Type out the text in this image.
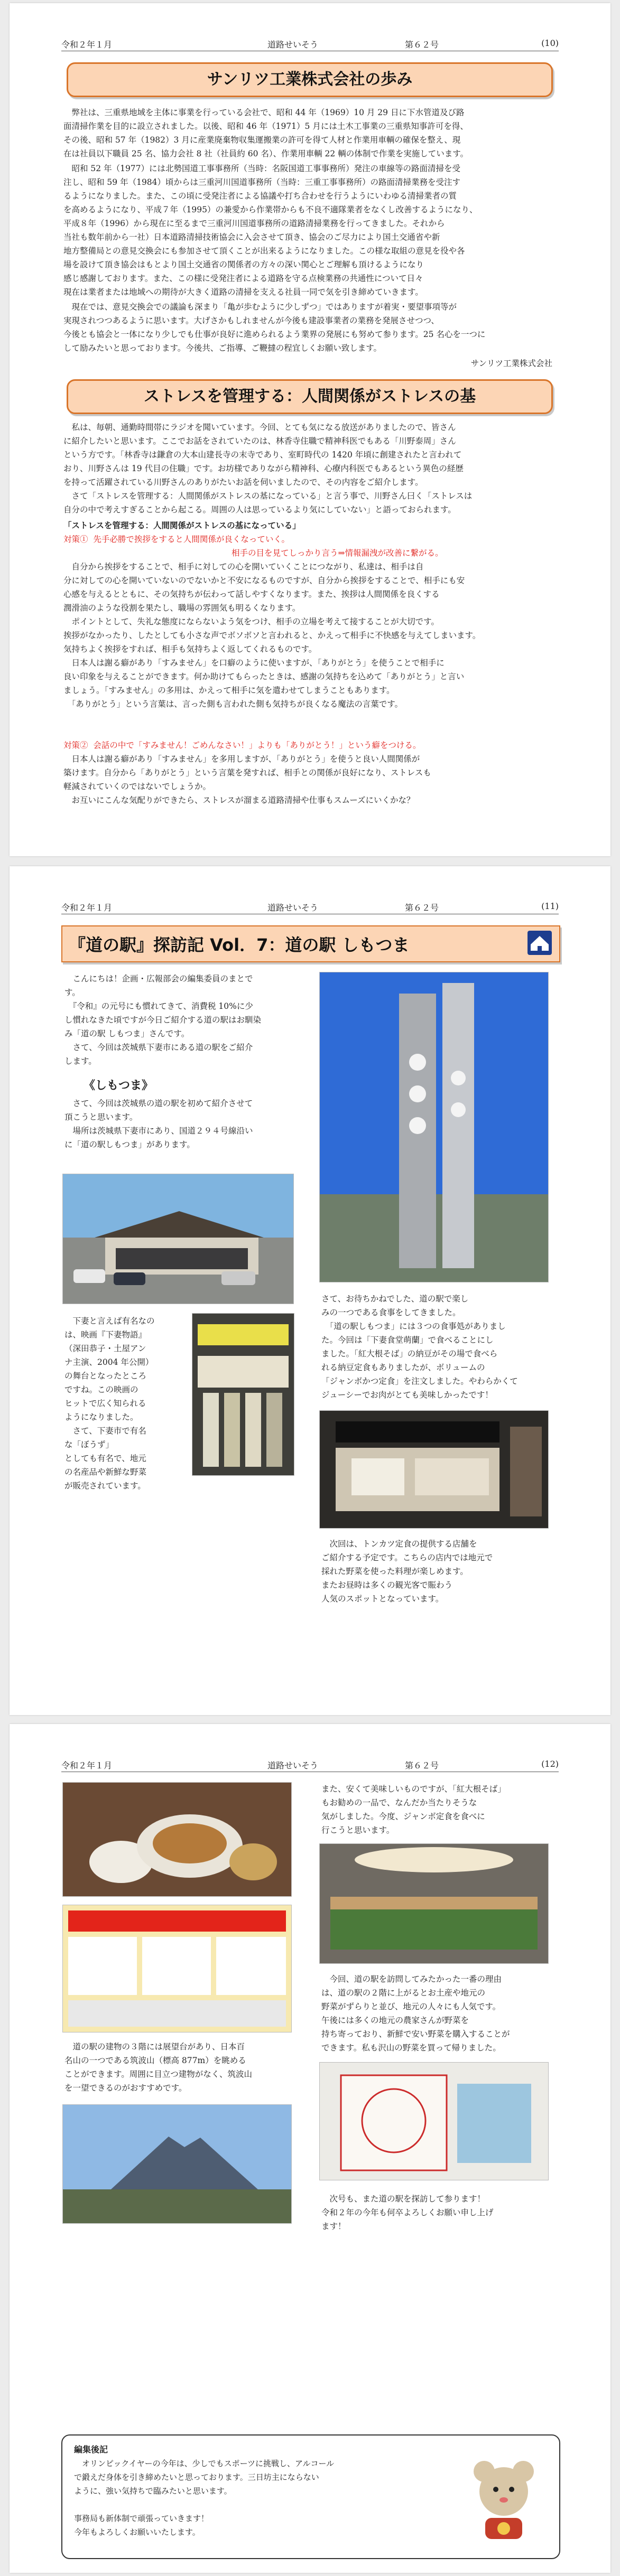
令和２年１月	道路せいそう	第６２号	(10)
サンリツ工業株式会社の歩み

　弊社は、三重県地域を主体に事業を行っている会社で、昭和 44 年（1969）10 月 29 日に下水管道及び路
面清掃作業を目的に設立されました。以後、昭和 46 年（1971）5 月には土木工事業の三重県知事許可を得、
その後、昭和 57 年（1982）3 月に産業廃棄物収集運搬業の許可を得て人材と作業用車輌の確保を整え、現
在は社員以下職員 25 名、協力会社 8 社（社員約 60 名）、作業用車輌 22 輌の体制で作業を実施しています。

　昭和 52 年（1977）には北勢国道工事事務所（当時：名阪国道工事事務所）発注の車線等の路面清掃を受
注し、昭和 59 年（1984）頃からは三重河川国道事務所（当時：三重工事事務所）の路面清掃業務を受注す
るようになりました。また、この頃に受発注者による協議や打ち合わせを行うようにいわゆる清掃業者の質
を高めるようになり、平成７年（1995）の兼愛から作業帯からも不良不適隊業者をなくし改善するようになり、
平成８年（1996）から現在に至るまで三重河川国道事務所の道路清掃業務を行ってきました。それから
当社も数年前から一社）日本道路清掃技術協会に入会させて頂き、協会のご尽力により国土交通省や新
地方整備局との意見交換会にも参加させて頂くことが出来るようになりました。この様な取組の意見を役や各
場を設けて頂き協会はもとより国土交通省の関係者の方々の深い関心とご理解も頂けるようになり
感じ感謝しております。また、この様に受発注者による道路を守る点検業務の共通性について日々
現在は業者または地域への期待が大きく道路の清掃を支える社員一同で気を引き締めていきます。

　現在では、意見交換会での議論も深まり「亀が歩むように少しずつ」ではありますが着実・要望事項等が
実現されつつあるように思います。大げさかもしれませんが今後も建設事業者の業務を発展させつつ、
今後とも協会と一体になり少しでも仕事が良好に進められるよう業界の発展にも努めて参ります。25 名心を一つに
して励みたいと思っております。今後共、ご指導、ご鞭撻の程宜しくお願い致します。

サンリツ工業株式会社
ストレスを管理する：人間関係がストレスの基

　私は、毎朝、通勤時間帯にラジオを聞いています。今回、とても気になる放送がありましたので、皆さん
に紹介したいと思います。ここでお話をされていたのは、林香寺住職で精神科医でもある「川野泰周」さん
という方です。「林香寺は鎌倉の大本山建長寺の末寺であり、室町時代の 1420 年頃に創建されたと言われて
おり、川野さんは 19 代目の住職」です。お坊様でありながら精神科、心療内科医でもあるという異色の経歴
を持って活躍されている川野さんのありがたいお話を伺いましたので、その内容をご紹介します。
　さて「ストレスを管理する：人間関係がストレスの基になっている」と言う事で、川野さん曰く「ストレスは
自分の中で考えすぎることから起こる。周囲の人は思っているより気にしていない」と語っておられます。

「ストレスを管理する：人間関係がストレスの基になっている」

対策①  先手必勝で挨拶をすると人間関係が良くなっていく。

相手の目を見てしっかり言う⇒情報漏洩が改善に繋がる。

　自分から挨拶をすることで、相手に対しての心を開いていくことにつながり、私達は、相手は自
分に対しての心を開いていないのでないかと不安になるものですが、自分から挨拶をすることで、相手にも安
心感を与えるとともに、その気持ちが伝わって話しやすくなります。また、挨拶は人間関係を良くする
潤滑油のような役割を果たし、職場の雰囲気も明るくなります。
　ポイントとして、失礼な態度にならないよう気をつけ、相手の立場を考えて接することが大切です。
挨拶がなかったり、したとしても小さな声でボソボソと言われると、かえって相手に不快感を与えてしまいます。
気持ちよく挨拶をすれば、相手も気持ちよく返してくれるものです。
　日本人は謝る癖があり「すみません」を口癖のように使いますが、「ありがとう」を使うことで相手に
良い印象を与えることができます。何か助けてもらったときは、感謝の気持ちを込めて「ありがとう」と言い
ましょう。「すみません」の多用は、かえって相手に気を遣わせてしまうこともあります。
　「ありがとう」という言葉は、言った側も言われた側も気持ちが良くなる魔法の言葉です。

対策②  会話の中で「すみません！ごめんなさい！」よりも「ありがとう！」という癖をつける。

　日本人は謝る癖があり「すみません」を多用しますが、「ありがとう」を使うと良い人間関係が
築けます。自分から「ありがとう」という言葉を発すれば、相手との関係が良好になり、ストレスも
軽減されていくのではないでしょうか。
　お互いにこんな気配りができたら、ストレスが溜まる道路清掃や仕事もスムーズにいくかな？

令和２年１月	道路せいそう	第６２号	(11)
『道の駅』探訪記 Vol．7：道の駅 しもつま

　こんにちは！企画・広報部会の編集委員のまとで
す。
　『令和』の元号にも慣れてきて、消費税 10%に少
し慣れなきた頃ですが今日ご紹介する道の駅はお馴染
み「道の駅 しもつま」さんです。
　さて、今回は茨城県下妻市にある道の駅をご紹介
します。

《しもつま》

　さて、今回は茨城県の道の駅を初めて紹介させて
頂こうと思います。
　場所は茨城県下妻市にあり、国道２９４号線沿い
に「道の駅しもつま」があります。

　下妻と言えば有名なの
は、映画『下妻物語』
（深田恭子・土屋アン
ナ主演、2004 年公開）
の舞台となったところ
ですね。この映画の
ヒットで広く知られる
ようになりました。
　さて、下妻市で有名
な「ぼうず」
としても有名で、地元
の名産品や新鮮な野菜
が販売されています。

さて、お待ちかねでした、道の駅で楽し
みの一つである食事をしてきました。
　「道の駅しもつま」には３つの食事処がありまし
た。今回は「下妻食堂萌蘭」で食べることにし
ました。「紅大根そば」の納豆がその場で食べら
れる納豆定食もありましたが、ボリュームの
「ジャンボかつ定食」を注文しました。やわらかくて
ジューシーでお肉がとても美味しかったです！

　次回は、トンカツ定食の提供する店舗を
ご紹介する予定です。こちらの店内では地元で
採れた野菜を使った料理が楽しめます。
またお昼時は多くの観光客で賑わう
人気のスポットとなっています。

令和２年１月	道路せいそう	第６２号	(12)

　道の駅の建物の３階には展望台があり、日本百
名山の一つである筑波山（標高 877m）を眺める
ことができます。周囲に目立つ建物がなく、筑波山
を一望できるのがおすすめです。

また、安くて美味しいものですが、「紅大根そば」
もお勧めの一品で、なんだか当たりそうな
気がしました。今度、ジャンボ定食を食べに
行こうと思います。

　今回、道の駅を訪問してみたかった一番の理由
は、道の駅の２階に上がるとお土産や地元の
野菜がずらりと並び、地元の人々にも人気です。
午後には多くの地元の農家さんが野菜を
持ち寄っており、新鮮で安い野菜を購入することが
できます。私も沢山の野菜を買って帰りました。

　次号も、また道の駅を探訪して参ります！
令和２年の今年も何卒よろしくお願い申し上げ
ます！

編集後記

　オリンピックイヤーの今年は、少しでもスポーツに挑戦し、アルコール
で鍛えだ身体を引き締めたいと思っております。三日坊主にならない
ように、強い気持ちで臨みたいと思います。

事務局も新体制で頑張っていきます！
今年もよろしくお願いいたします。
